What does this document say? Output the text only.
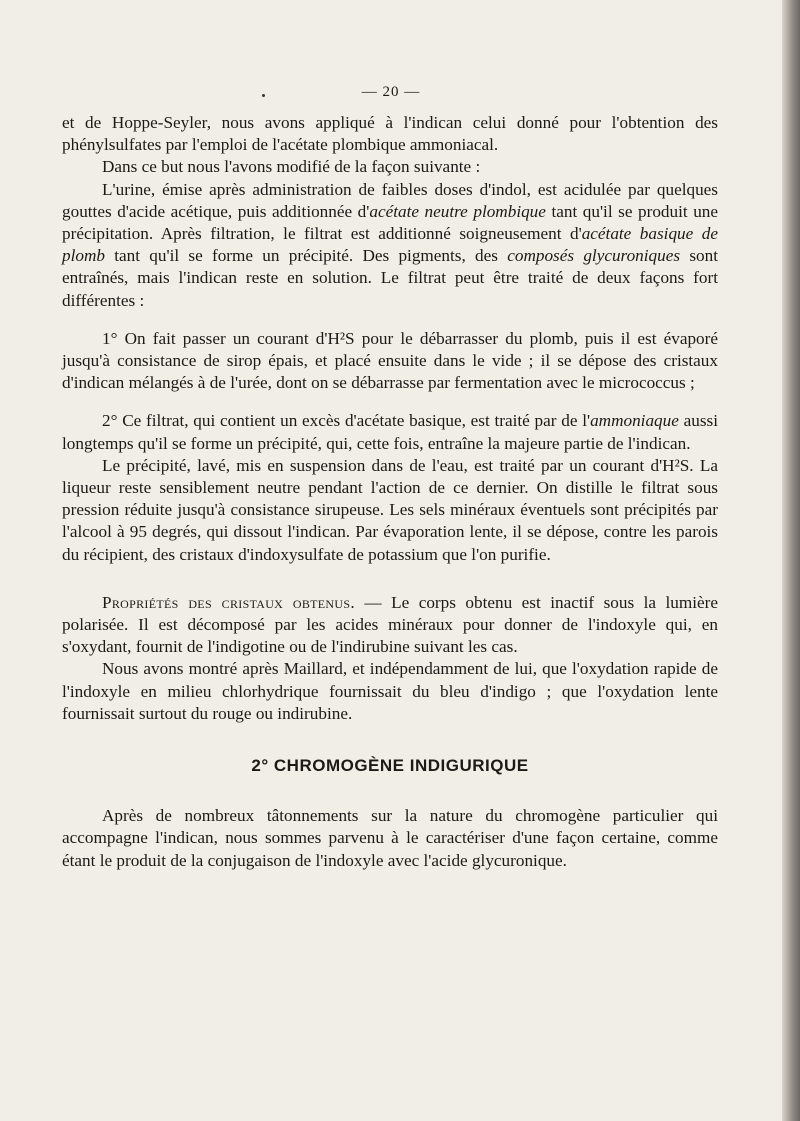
— 20 —

et de Hoppe-Seyler, nous avons appliqué à l'indican celui donné pour l'obtention des phénylsulfates par l'emploi de l'acétate plombique ammoniacal.

Dans ce but nous l'avons modifié de la façon suivante :

L'urine, émise après administration de faibles doses d'indol, est acidulée par quelques gouttes d'acide acétique, puis additionnée d'acétate neutre plombique tant qu'il se produit une précipitation. Après filtration, le filtrat est additionné soigneusement d'acétate basique de plomb tant qu'il se forme un précipité. Des pigments, des composés glycuroniques sont entraînés, mais l'indican reste en solution. Le filtrat peut être traité de deux façons fort différentes :

1° On fait passer un courant d'H²S pour le débarrasser du plomb, puis il est évaporé jusqu'à consistance de sirop épais, et placé ensuite dans le vide ; il se dépose des cristaux d'indican mélangés à de l'urée, dont on se débarrasse par fermentation avec le micrococcus ;

2° Ce filtrat, qui contient un excès d'acétate basique, est traité par de l'ammoniaque aussi longtemps qu'il se forme un précipité, qui, cette fois, entraîne la majeure partie de l'indican.

Le précipité, lavé, mis en suspension dans de l'eau, est traité par un courant d'H²S. La liqueur reste sensiblement neutre pendant l'action de ce dernier. On distille le filtrat sous pression réduite jusqu'à consistance sirupeuse. Les sels minéraux éventuels sont précipités par l'alcool à 95 degrés, qui dissout l'indican. Par évaporation lente, il se dépose, contre les parois du récipient, des cristaux d'indoxysulfate de potassium que l'on purifie.

Propriétés des cristaux obtenus. — Le corps obtenu est inactif sous la lumière polarisée. Il est décomposé par les acides minéraux pour donner de l'indoxyle qui, en s'oxydant, fournit de l'indigotine ou de l'indirubine suivant les cas.

Nous avons montré après Maillard, et indépendamment de lui, que l'oxydation rapide de l'indoxyle en milieu chlorhydrique fournissait du bleu d'indigo ; que l'oxydation lente fournissait surtout du rouge ou indirubine.

2° CHROMOGÈNE INDIGURIQUE

Après de nombreux tâtonnements sur la nature du chromogène particulier qui accompagne l'indican, nous sommes parvenu à le caractériser d'une façon certaine, comme étant le produit de la conjugaison de l'indoxyle avec l'acide glycuronique.
